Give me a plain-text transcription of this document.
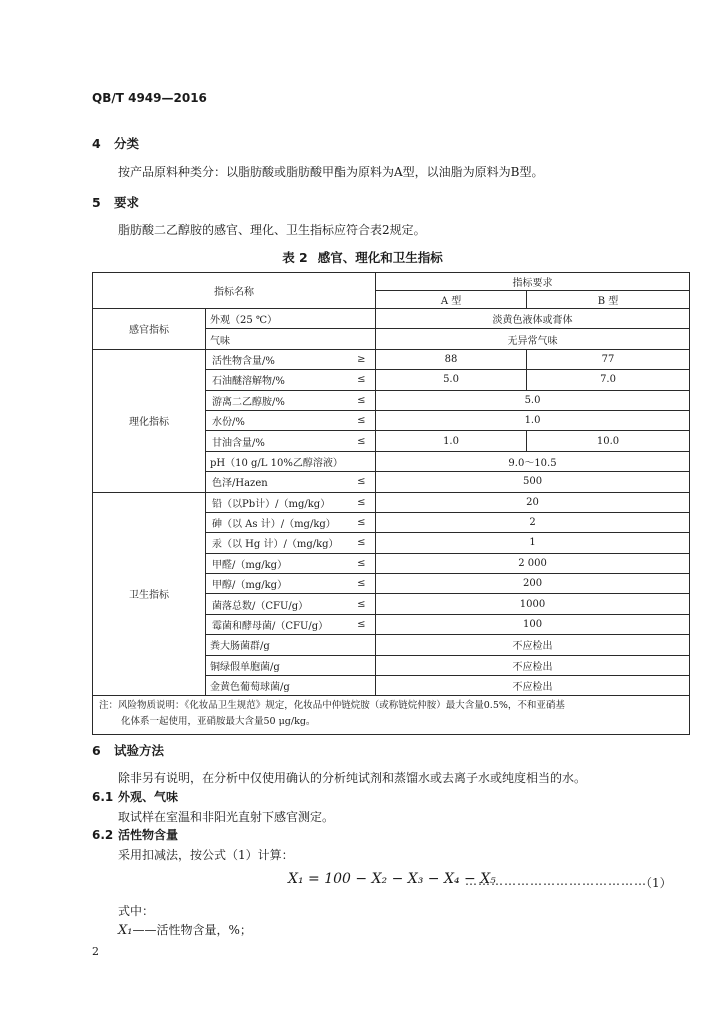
QB/T 4949—2016
4 分类
按产品原料种类分：以脂肪酸或脂肪酸甲酯为原料为A型，以油脂为原料为B型。
5 要求
脂肪酸二乙醇胺的感官、理化、卫生指标应符合表2规定。
表 2 感官、理化和卫生指标
指标名称			指标要求	
			A 型	B 型
感官指标	外观（25 ℃）		淡黄色液体或膏体	
	气味		无异常气味	
理化指标	活性物含量/%	≥	88	77
	石油醚溶解物/%	≤	5.0	7.0
	游离二乙醇胺/%	≤	5.0	
	水份/%	≤	1.0	
	甘油含量/%	≤	1.0	10.0
	pH（10 g/L 10%乙醇溶液）		9.0～10.5	
	色泽/Hazen	≤	500	
卫生指标	铅（以Pb计）/（mg/kg）	≤	20	
	砷（以 As 计）/（mg/kg）	≤	2	
	汞（以 Hg 计）/（mg/kg）	≤	1	
	甲醛/（mg/kg）	≤	2 000	
	甲醇/（mg/kg）	≤	200	
	菌落总数/（CFU/g）	≤	1000	
	霉菌和酵母菌/（CFU/g）	≤	100	
	粪大肠菌群/g		不应检出	
	铜绿假单胞菌/g		不应检出	
	金黄色葡萄球菌/g		不应检出	

注：风险物质说明：《化妆品卫生规范》规定，化妆品中仲链烷胺（或称链烷仲胺）最大含量0.5%，不和亚硝基
化体系一起使用，亚硝胺最大含量50 μg/kg。				
6 试验方法
除非另有说明，在分析中仅使用确认的分析纯试剂和蒸馏水或去离子水或纯度相当的水。
6.1 外观、气味
取试样在室温和非阳光直射下感官测定。
6.2 活性物含量
采用扣减法，按公式（1）计算：
X₁ = 100 − X₂ − X₃ − X₄ − X₅
……………………………………
（1）
式中：
X₁——活性物含量，%；
2
